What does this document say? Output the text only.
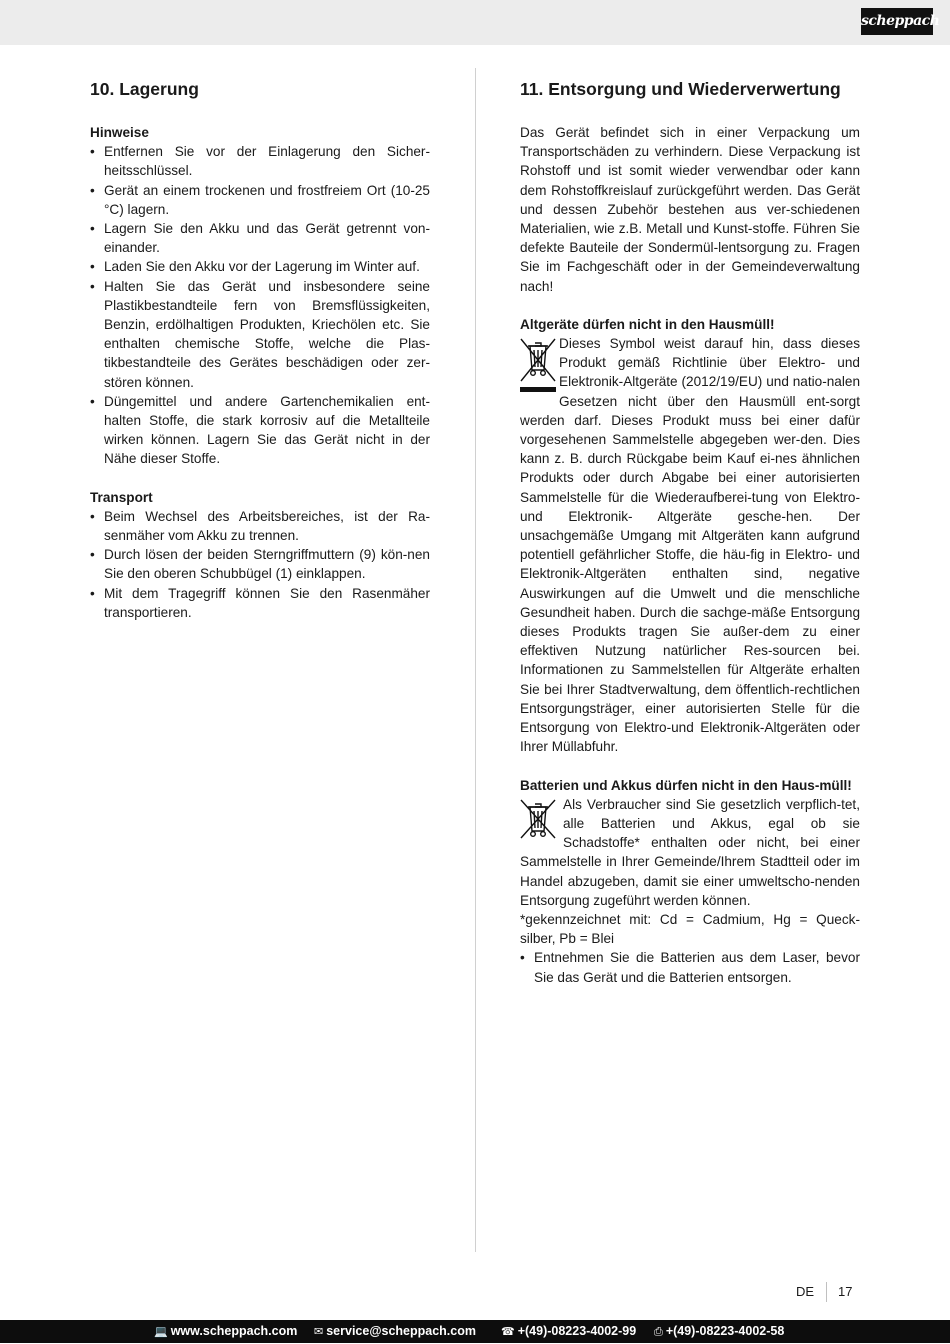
scheppach
10. Lagerung
Hinweise
• Entfernen Sie vor der Einlagerung den Sicher-heitsschlüssel.
• Gerät an einem trockenen und frostfreiem Ort (10-25 °C) lagern.
• Lagern Sie den Akku und das Gerät getrennt von-einander.
• Laden Sie den Akku vor der Lagerung im Winter auf.
• Halten Sie das Gerät und insbesondere seine Plastikbestandteile fern von Bremsflüssigkeiten, Benzin, erdölhaltigen Produkten, Kriechölen etc. Sie enthalten chemische Stoffe, welche die Plas-tikbestandteile des Gerätes beschädigen oder zer-stören können.
• Düngemittel und andere Gartenchemikalien ent-halten Stoffe, die stark korrosiv auf die Metallteile wirken können. Lagern Sie das Gerät nicht in der Nähe dieser Stoffe.
Transport
• Beim Wechsel des Arbeitsbereiches, ist der Ra-senmäher vom Akku zu trennen.
• Durch lösen der beiden Sterngriffmuttern (9) kön-nen Sie den oberen Schubbügel (1) einklappen.
• Mit dem Tragegriff können Sie den Rasenmäher transportieren.
11. Entsorgung und Wiederverwertung

Das Gerät befindet sich in einer Verpackung um Transportschäden zu verhindern. Diese Verpackung ist Rohstoff und ist somit wieder verwendbar oder kann dem Rohstoffkreislauf zurückgeführt werden. Das Gerät und dessen Zubehör bestehen aus ver-schiedenen Materialien, wie z.B. Metall und Kunst-stoffe. Führen Sie defekte Bauteile der Sondermül-lentsorgung zu. Fragen Sie im Fachgeschäft oder in der Gemeindeverwaltung nach!

Altgeräte dürfen nicht in den Hausmüll!

Dieses Symbol weist darauf hin, dass dieses Produkt gemäß Richtlinie über Elektro- und Elektronik-Altgeräte (2012/19/EU) und natio-nalen Gesetzen nicht über den Hausmüll ent-sorgt werden darf. Dieses Produkt muss bei einer dafür vorgesehenen Sammelstelle abgegeben wer-den. Dies kann z. B. durch Rückgabe beim Kauf ei-nes ähnlichen Produkts oder durch Abgabe bei einer autorisierten Sammelstelle für die Wiederaufberei-tung von Elektro- und Elektronik- Altgeräte gesche-hen. Der unsachgemäße Umgang mit Altgeräten kann aufgrund potentiell gefährlicher Stoffe, die häu-fig in Elektro- und Elektronik-Altgeräten enthalten sind, negative Auswirkungen auf die Umwelt und die menschliche Gesundheit haben. Durch die sachge-mäße Entsorgung dieses Produkts tragen Sie außer-dem zu einer effektiven Nutzung natürlicher Res-sourcen bei. Informationen zu Sammelstellen für Altgeräte erhalten Sie bei Ihrer Stadtverwaltung, dem öffentlich-rechtlichen Entsorgungsträger, einer autorisierten Stelle für die Entsorgung von Elektro-und Elektronik-Altgeräten oder Ihrer Müllabfuhr.

Batterien und Akkus dürfen nicht in den Haus-müll!

Als Verbraucher sind Sie gesetzlich verpflich-tet, alle Batterien und Akkus, egal ob sie Schadstoffe* enthalten oder nicht, bei einer Sammelstelle in Ihrer Gemeinde/Ihrem Stadtteil oder im Handel abzugeben, damit sie einer umweltscho-nenden Entsorgung zugeführt werden können.

*gekennzeichnet mit: Cd = Cadmium, Hg = Queck-silber, Pb = Blei

• Entnehmen Sie die Batterien aus dem Laser, bevor Sie das Gerät und die Batterien entsorgen.
DE 17
💻 www.scheppach.com ✉ service@scheppach.com ☎ +(49)-08223-4002-99 ⎙ +(49)-08223-4002-58
